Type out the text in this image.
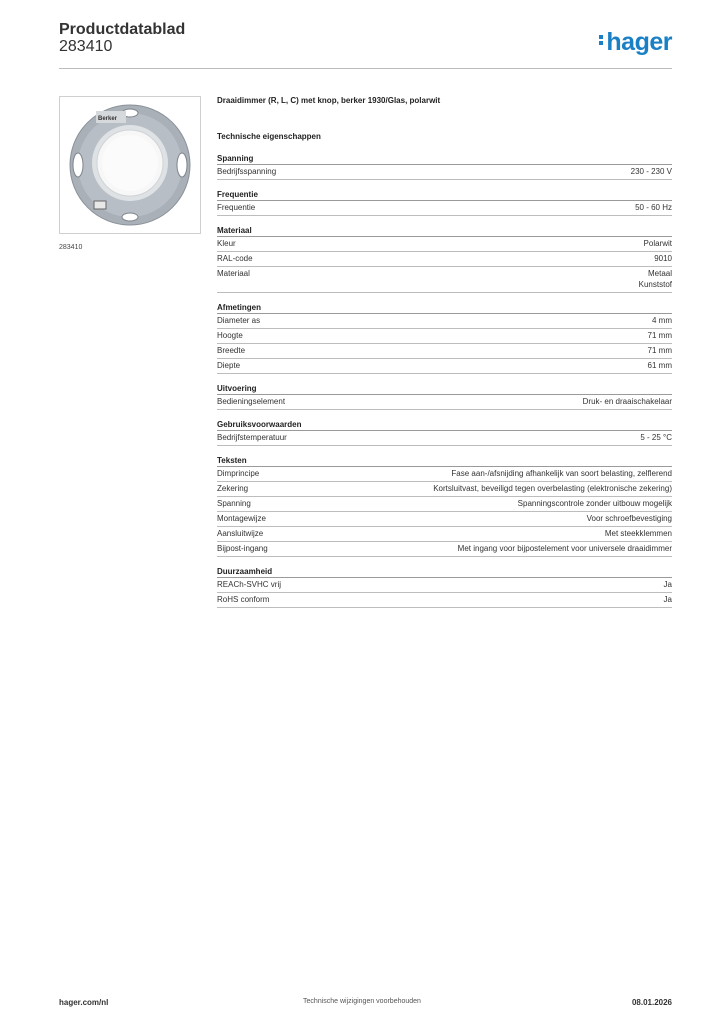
Productdatablad
283410	hager
Berker
283410
Draaidimmer (R, L, C) met knop, berker 1930/Glas, polarwit
Technische eigenschappen
Spanning
Bedrijfsspanning	230 - 230 V
Frequentie
Frequentie	50 - 60 Hz
Materiaal
Kleur	Polarwit
RAL-code	9010
Materiaal	Metaal
Kunststof
Afmetingen
Diameter as	4 mm
Hoogte	71 mm
Breedte	71 mm
Diepte	61 mm
Uitvoering
Bedieningselement	Druk- en draaischakelaar
Gebruiksvoorwaarden
Bedrijfstemperatuur	5 - 25 °C
Teksten
Dimprincipe	Fase aan-/afsnijding afhankelijk van soort belasting, zelflerend
Zekering	Kortsluitvast, beveiligd tegen overbelasting (elektronische zekering)
Spanning	Spanningscontrole zonder uitbouw mogelijk
Montagewijze	Voor schroefbevestiging
Aansluitwijze	Met steekklemmen
Bijpost-ingang	Met ingang voor bijpostelement voor universele draaidimmer
Duurzaamheid
REACh-SVHC vrij	Ja
RoHS conform	Ja
hager.com/nl	Technische wijzigingen voorbehouden	08.01.2026
